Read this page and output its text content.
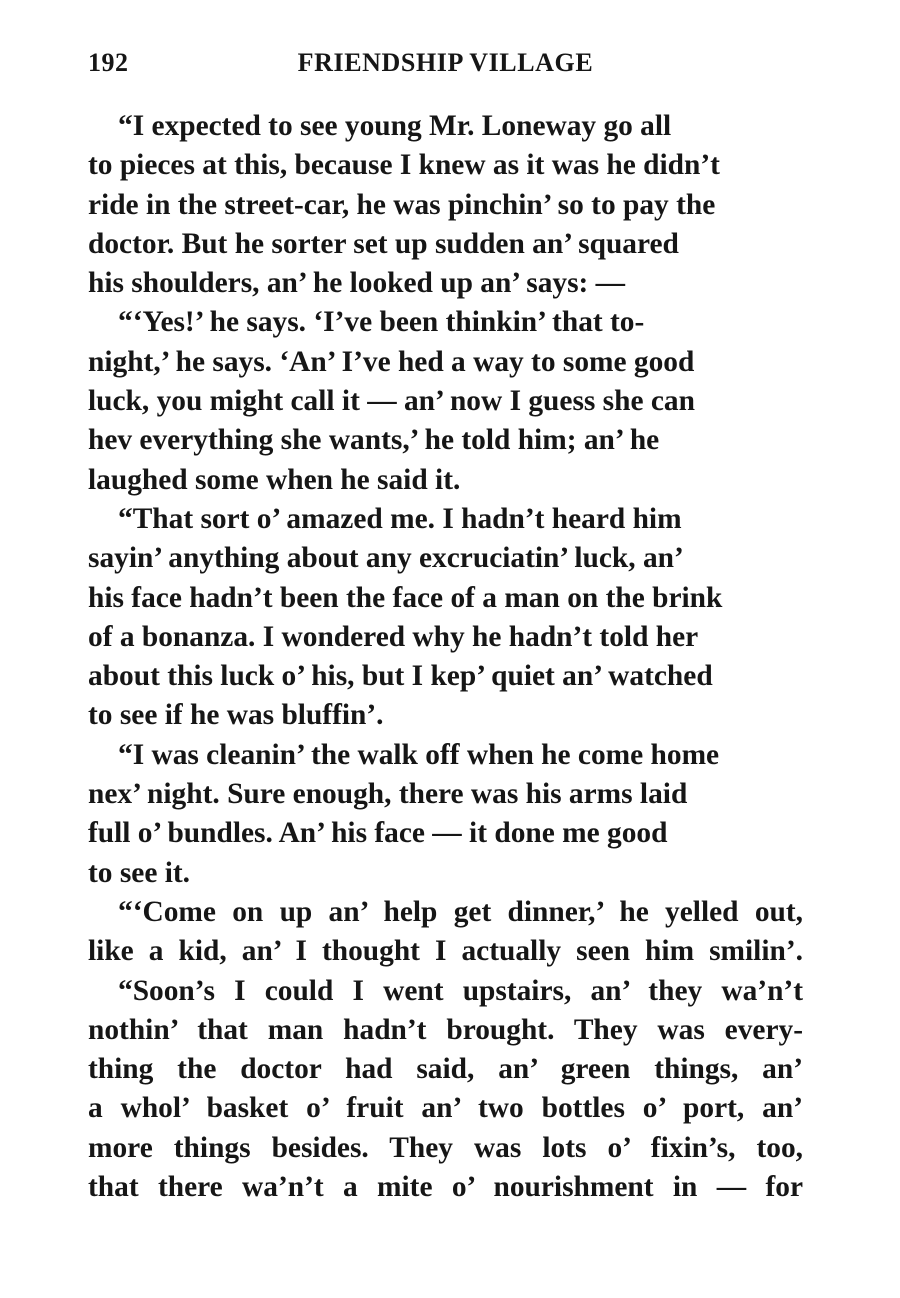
192	FRIENDSHIP VILLAGE

“I expected to see young Mr. Loneway go all
to pieces at this, because I knew as it was he didn’t
ride in the street-car, he was pinchin’ so to pay the
doctor. But he sorter set up sudden an’ squared
his shoulders, an’ he looked up an’ says: —

“‘Yes!’ he says. ‘I’ve been thinkin’ that to-
night,’ he says. ‘An’ I’ve hed a way to some good
luck, you might call it — an’ now I guess she can
hev everything she wants,’ he told him; an’ he
laughed some when he said it.

“That sort o’ amazed me. I hadn’t heard him
sayin’ anything about any excruciatin’ luck, an’
his face hadn’t been the face of a man on the brink
of a bonanza. I wondered why he hadn’t told her
about this luck o’ his, but I kep’ quiet an’ watched
to see if he was bluffin’.

“I was cleanin’ the walk off when he come home
nex’ night. Sure enough, there was his arms laid
full o’ bundles. An’ his face — it done me good
to see it.

“‘Come on up an’ help get dinner,’ he yelled out,
like a kid, an’ I thought I actually seen him smilin’.

“Soon’s I could I went upstairs, an’ they wa’n’t
nothin’ that man hadn’t brought. They was every-
thing the doctor had said, an’ green things, an’
a whol’ basket o’ fruit an’ two bottles o’ port, an’
more things besides. They was lots o’ fixin’s, too,
that there wa’n’t a mite o’ nourishment in — for
